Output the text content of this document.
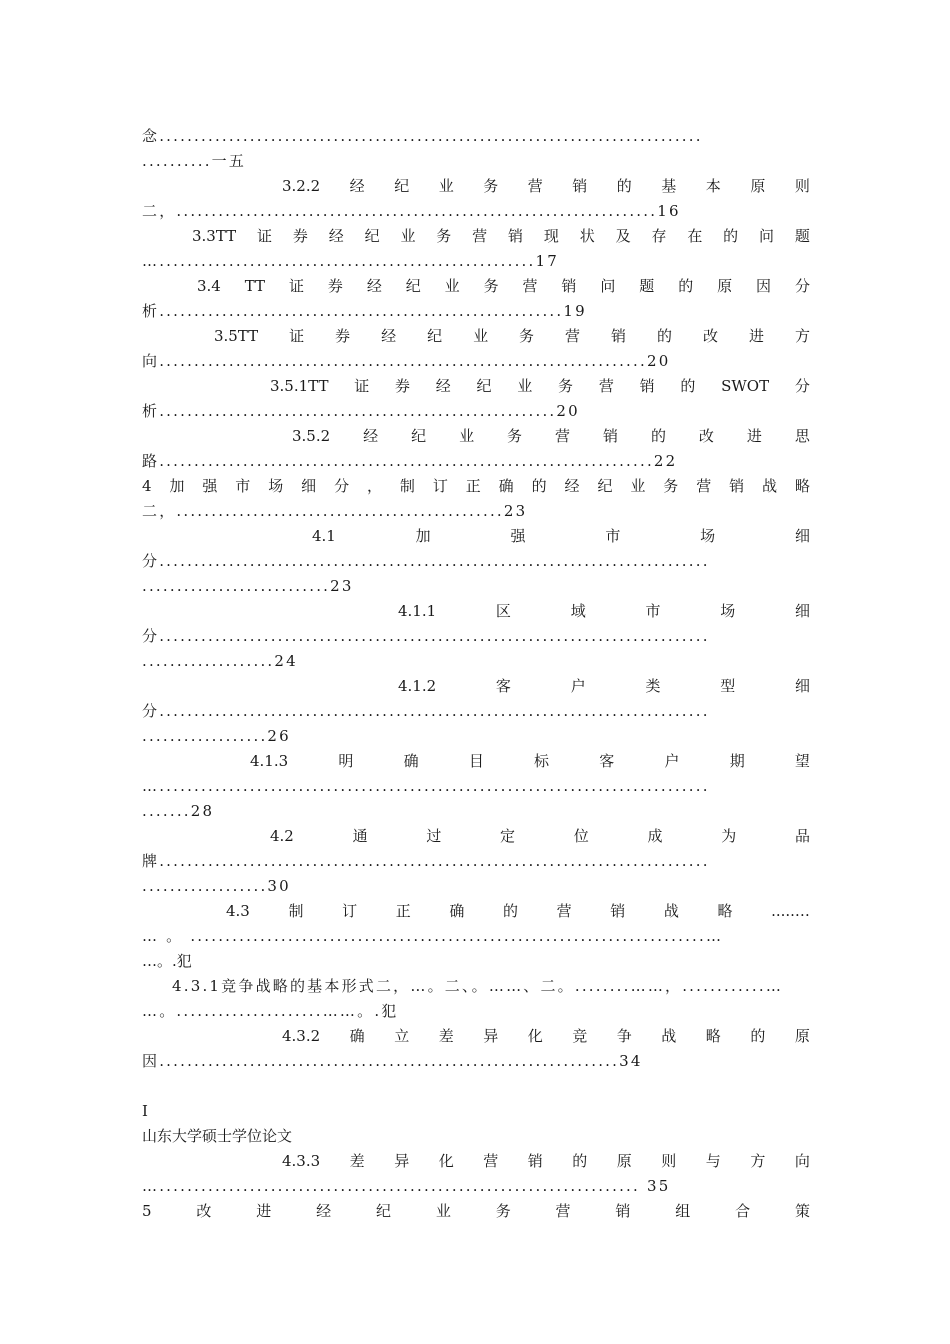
念..............................................................................
..........一五
3.2.2 经 纪 业 务 营 销 的 基 本 原 则
二，.....................................................................16
3.3TT 证 券 经 纪 业 务 营 销 现 状 及 存 在 的 问 题
…......................................................17
3.4 TT 证 券 经 纪 业 务 营 销 问 题 的 原 因 分
析..........................................................19
3.5TT 证 券 经 纪 业 务 营 销 的 改 进 方
向......................................................................20
3.5.1TT 证 券 经 纪 业 务 营 销 的 SWOT 分
析.........................................................20
3.5.2 经 纪 业 务 营 销 的 改 进 思
路.......................................................................22
4 加 强 市 场 细 分 ， 制 订 正 确 的 经 纪 业 务 营 销 战 略
二，...............................................23
4.1	加	强	市	场	细
分...............................................................................
...........................23
4.1.1	区	域	市	场	细
分...............................................................................
...................24
4.1.2	客	户	类	型	细
分...............................................................................
..................26
4.1.3	明	确	目	标	客	户	期	望
…...............................................................................
.......28
4.2	通	过	定	位	成	为	品
牌...............................................................................
..................30
4.3	制	订	正	确	的	营	销	战	略	.....…
… 。 ..........................................................................…
…。.犯
4.3.1竞争战略的基本形式二，…。二、。……、二。........……，............…
…。.....................……。.犯
4.3.2 确 立 差 异 化 竞 争 战 略 的 原
因..................................................................34
I
山东大学硕士学位论文
4.3.3 差 异 化 营 销 的 原 则 与 方 向
…..................................................................... 35
5	改	进	经	纪	业	务	营	销	组	合	策
